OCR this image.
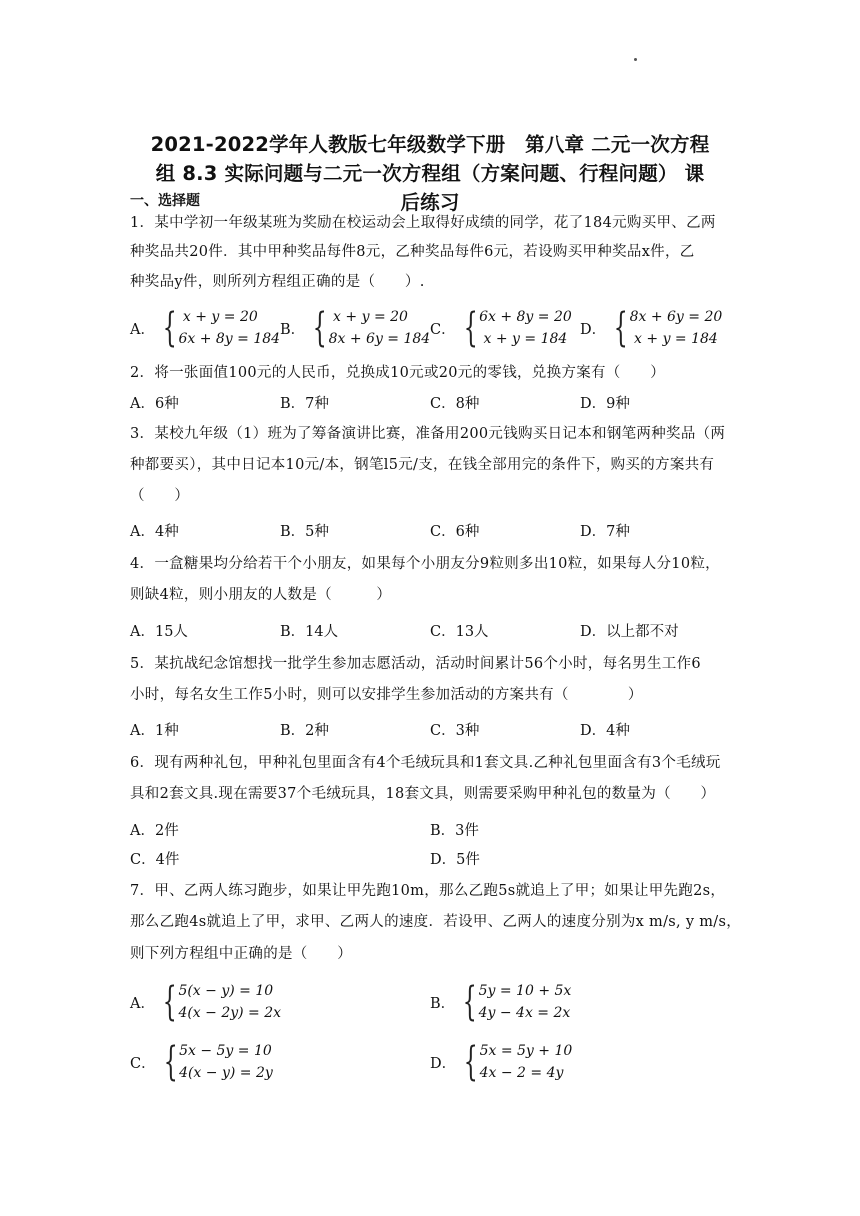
2021-2022学年人教版七年级数学下册　第八章 二元一次方程
组 8.3 实际问题与二元一次方程组（方案问题、行程问题） 课
后练习
一、选择题
1．某中学初一年级某班为奖励在校运动会上取得好成绩的同学，花了184元购买甲、乙两
种奖品共20件．其中甲种奖品每件8元，乙种奖品每件6元，若设购买甲种奖品x件，乙
种奖品y件，则所列方程组正确的是（　　）.
A． { x + y = 20
6x + 8y = 184
B． { x + y = 20
8x + 6y = 184
C． { 6x + 8y = 20
x + y = 184
D． { 8x + 6y = 20
x + y = 184
2．将一张面值100元的人民币，兑换成10元或20元的零钱，兑换方案有（　　）
A．6种	B．7种	C．8种	D．9种
3．某校九年级（1）班为了筹备演讲比赛，准备用200元钱购买日记本和钢笔两种奖品（两
种都要买），其中日记本10元/本，钢笔l5元/支，在钱全部用完的条件下，购买的方案共有
（　　）
A．4种	B．5种	C．6种	D．7种
4．一盒糖果均分给若干个小朋友，如果每个小朋友分9粒则多出10粒，如果每人分10粒，
则缺4粒，则小朋友的人数是（　　　）
A．15人	B．14人	C．13人	D．以上都不对
5．某抗战纪念馆想找一批学生参加志愿活动，活动时间累计56个小时，每名男生工作6
小时，每名女生工作5小时，则可以安排学生参加活动的方案共有（　　　　）
A．1种	B．2种	C．3种	D．4种
6．现有两种礼包，甲种礼包里面含有4个毛绒玩具和1套文具.乙种礼包里面含有3个毛绒玩
具和2套文具.现在需要37个毛绒玩具，18套文具，则需要采购甲种礼包的数量为（　　）
A．2件	B．3件
C．4件	D．5件
7．甲、乙两人练习跑步，如果让甲先跑10m，那么乙跑5s就追上了甲；如果让甲先跑2s，
那么乙跑4s就追上了甲，求甲、乙两人的速度．若设甲、乙两人的速度分别为x m/s, y m/s，
则下列方程组中正确的是（　　）
A． { 5(x − y) = 10
4(x − 2y) = 2x
B． { 5y = 10 + 5x
4y − 4x = 2x
C． { 5x − 5y = 10
4(x − y) = 2y
D． { 5x = 5y + 10
4x − 2 = 4y
